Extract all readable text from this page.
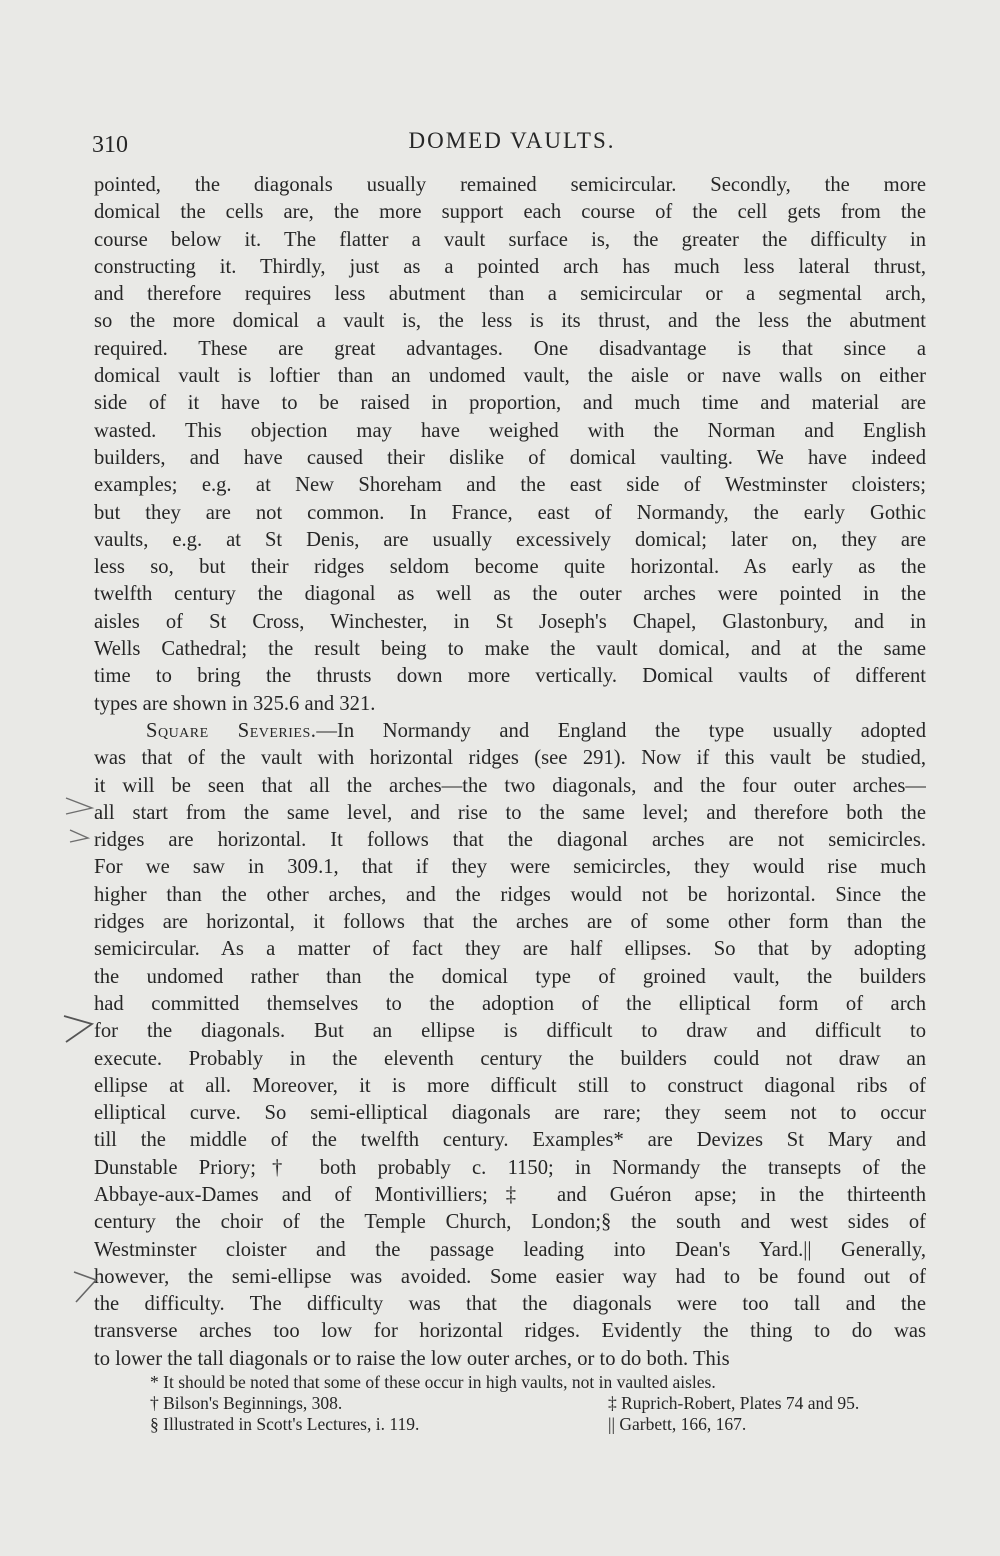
310	DOMED VAULTS.
pointed, the diagonals usually remained semicircular. Secondly, the more
domical the cells are, the more support each course of the cell gets from the
course below it. The flatter a vault surface is, the greater the difficulty in
constructing it. Thirdly, just as a pointed arch has much less lateral thrust,
and therefore requires less abutment than a semicircular or a segmental arch,
so the more domical a vault is, the less is its thrust, and the less the abutment
required. These are great advantages. One disadvantage is that since a
domical vault is loftier than an undomed vault, the aisle or nave walls on either
side of it have to be raised in proportion, and much time and material are
wasted. This objection may have weighed with the Norman and English
builders, and have caused their dislike of domical vaulting. We have indeed
examples; e.g. at New Shoreham and the east side of Westminster cloisters;
but they are not common. In France, east of Normandy, the early Gothic
vaults, e.g. at St Denis, are usually excessively domical; later on, they are
less so, but their ridges seldom become quite horizontal. As early as the
twelfth century the diagonal as well as the outer arches were pointed in the
aisles of St Cross, Winchester, in St Joseph's Chapel, Glastonbury, and in
Wells Cathedral; the result being to make the vault domical, and at the same
time to bring the thrusts down more vertically. Domical vaults of different
types are shown in 325.6 and 321.
Square Severies.—In Normandy and England the type usually adopted
was that of the vault with horizontal ridges (see 291). Now if this vault be studied,
it will be seen that all the arches—the two diagonals, and the four outer arches—
all start from the same level, and rise to the same level; and therefore both the
ridges are horizontal. It follows that the diagonal arches are not semicircles.
For we saw in 309.1, that if they were semicircles, they would rise much
higher than the other arches, and the ridges would not be horizontal. Since the
ridges are horizontal, it follows that the arches are of some other form than the
semicircular. As a matter of fact they are half ellipses. So that by adopting
the undomed rather than the domical type of groined vault, the builders
had committed themselves to the adoption of the elliptical form of arch
for the diagonals. But an ellipse is difficult to draw and difficult to
execute. Probably in the eleventh century the builders could not draw an
ellipse at all. Moreover, it is more difficult still to construct diagonal ribs of
elliptical curve. So semi-elliptical diagonals are rare; they seem not to occur
till the middle of the twelfth century. Examples* are Devizes St Mary and
Dunstable Priory;† both probably c. 1150; in Normandy the transepts of the
Abbaye-aux-Dames and of Montivilliers;‡ and Guéron apse; in the thirteenth
century the choir of the Temple Church, London;§ the south and west sides of
Westminster cloister and the passage leading into Dean's Yard.|| Generally,
however, the semi-ellipse was avoided. Some easier way had to be found out of
the difficulty. The difficulty was that the diagonals were too tall and the
transverse arches too low for horizontal ridges. Evidently the thing to do was
to lower the tall diagonals or to raise the low outer arches, or to do both. This
* It should be noted that some of these occur in high vaults, not in vaulted aisles.
† Bilson's Beginnings, 308.	‡ Ruprich-Robert, Plates 74 and 95.
§ Illustrated in Scott's Lectures, i. 119.	|| Garbett, 166, 167.
